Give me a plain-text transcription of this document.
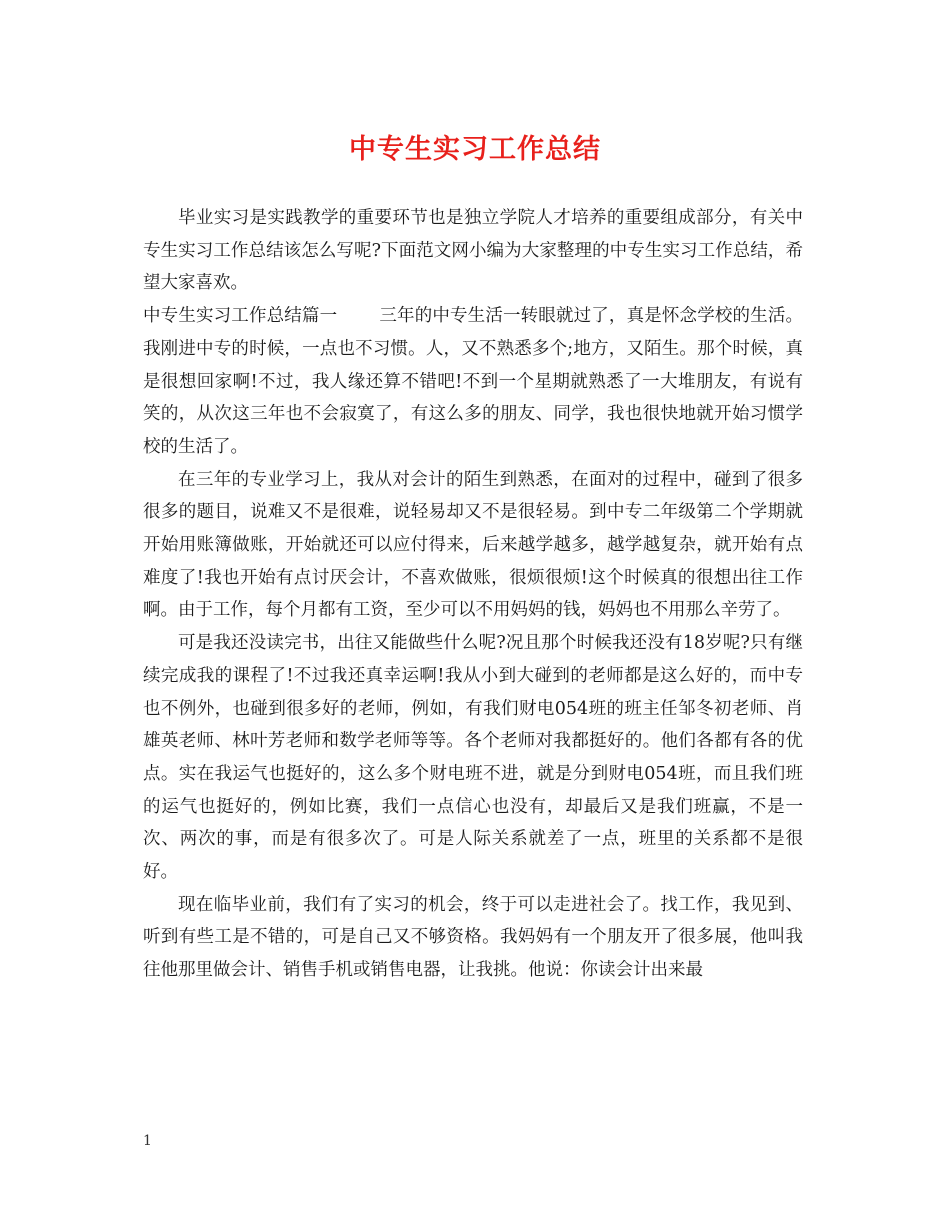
中专生实习工作总结

毕业实习是实践教学的重要环节也是独立学院人才培养的重要组成部分，有关中专生实习工作总结该怎么写呢?下面范文网小编为大家整理的中专生实习工作总结，希望大家喜欢。

中专生实习工作总结篇一 三年的中专生活一转眼就过了，真是怀念学校的生活。我刚进中专的时候，一点也不习惯。人，又不熟悉多个;地方，又陌生。那个时候，真是很想回家啊!不过，我人缘还算不错吧!不到一个星期就熟悉了一大堆朋友，有说有笑的，从次这三年也不会寂寞了，有这么多的朋友、同学，我也很快地就开始习惯学校的生活了。

在三年的专业学习上，我从对会计的陌生到熟悉，在面对的过程中，碰到了很多很多的题目，说难又不是很难，说轻易却又不是很轻易。到中专二年级第二个学期就开始用账簿做账，开始就还可以应付得来，后来越学越多，越学越复杂，就开始有点难度了!我也开始有点讨厌会计，不喜欢做账，很烦很烦!这个时候真的很想出往工作啊。由于工作，每个月都有工资，至少可以不用妈妈的钱，妈妈也不用那么辛劳了。

可是我还没读完书，出往又能做些什么呢?况且那个时候我还没有18岁呢?只有继续完成我的课程了!不过我还真幸运啊!我从小到大碰到的老师都是这么好的，而中专也不例外，也碰到很多好的老师，例如，有我们财电054班的班主任邹冬初老师、肖雄英老师、林叶芳老师和数学老师等等。各个老师对我都挺好的。他们各都有各的优点。实在我运气也挺好的，这么多个财电班不进，就是分到财电054班，而且我们班的运气也挺好的，例如比赛，我们一点信心也没有，却最后又是我们班赢，不是一次、两次的事，而是有很多次了。可是人际关系就差了一点，班里的关系都不是很好。

现在临毕业前，我们有了实习的机会，终于可以走进社会了。找工作，我见到、听到有些工是不错的，可是自己又不够资格。我妈妈有一个朋友开了很多展，他叫我往他那里做会计、销售手机或销售电器，让我挑。他说：你读会计出来最

1
